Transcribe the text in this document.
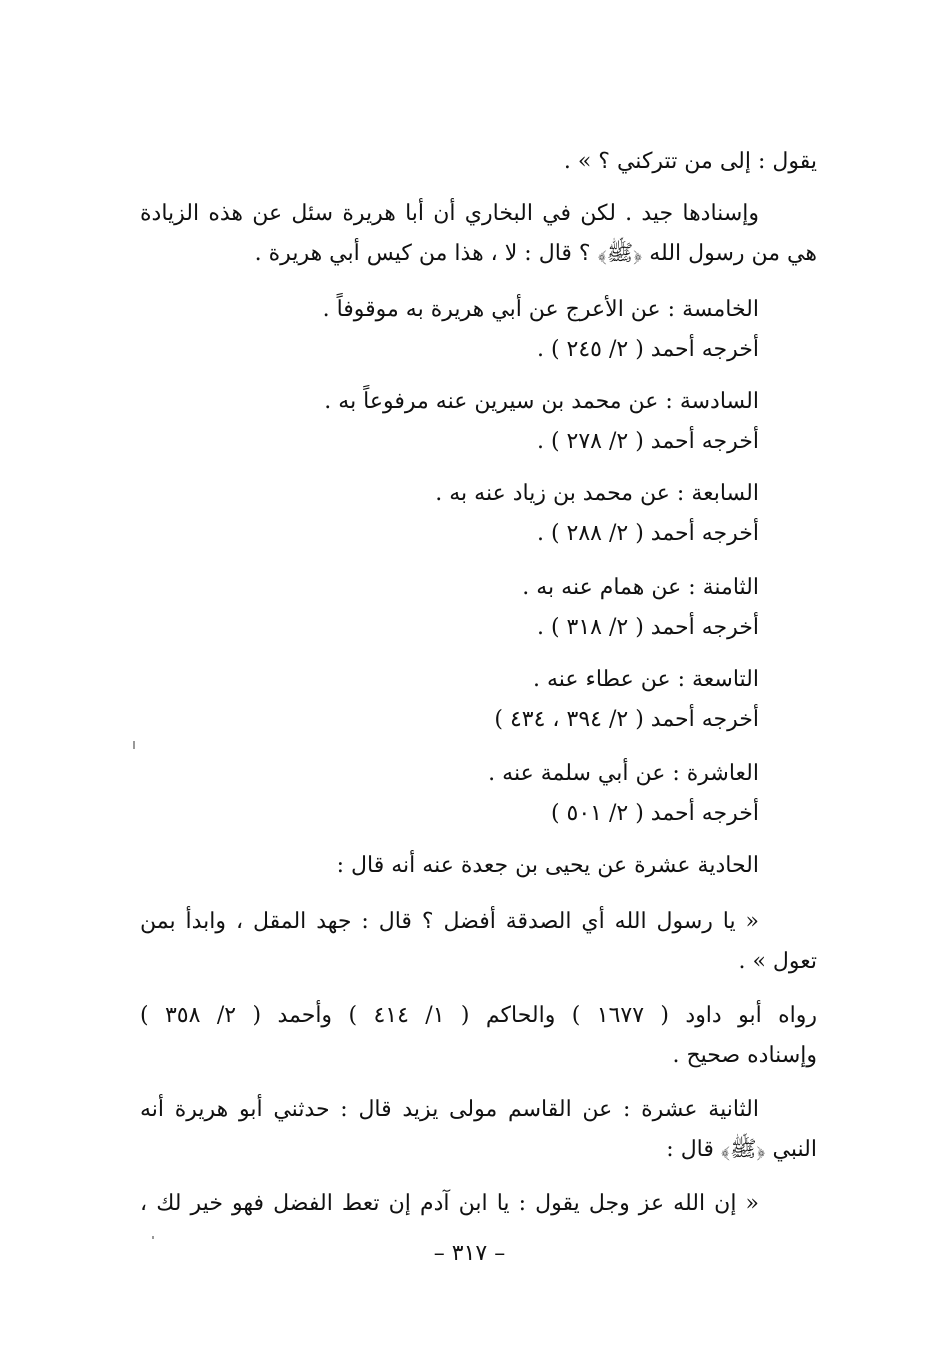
يقول : إلى من تتركني ؟ » .

وإسنادها جيد . لكن في البخاري أن أبا هريرة سئل عن هذه الزيادة

هي من رسول الله ﴿ﷺ﴾ ؟ قال : لا ، هذا من كيس أبي هريرة .

الخامسة : عن الأعرج عن أبي هريرة به موقوفاً .

أخرجه أحمد ( ٢/ ٢٤٥ ) .

السادسة : عن محمد بن سيرين عنه مرفوعاً به .

أخرجه أحمد ( ٢/ ٢٧٨ ) .

السابعة : عن محمد بن زياد عنه به .

أخرجه أحمد ( ٢/ ٢٨٨ ) .

الثامنة : عن همام عنه به .

أخرجه أحمد ( ٢/ ٣١٨ ) .

التاسعة : عن عطاء عنه .

أخرجه أحمد ( ٢/ ٣٩٤ ، ٤٣٤ )

العاشرة : عن أبي سلمة عنه .

أخرجه أحمد ( ٢/ ٥٠١ )

الحادية عشرة عن يحيى بن جعدة عنه أنه قال :

« يا رسول الله أي الصدقة أفضل ؟ قال : جهد المقل ، وابدأ بمن

تعول » .

رواه أبو داود ( ١٦٧٧ ) والحاكم ( ١/ ٤١٤ ) وأحمد ( ٢/ ٣٥٨ )

وإسناده صحيح .

الثانية عشرة : عن القاسم مولى يزيد قال : حدثني أبو هريرة أنه

النبي ﴿ﷺ﴾ قال :

« إن الله عز وجل يقول : يا ابن آدم إن تعط الفضل فهو خير لك ،

– ٣١٧ –
